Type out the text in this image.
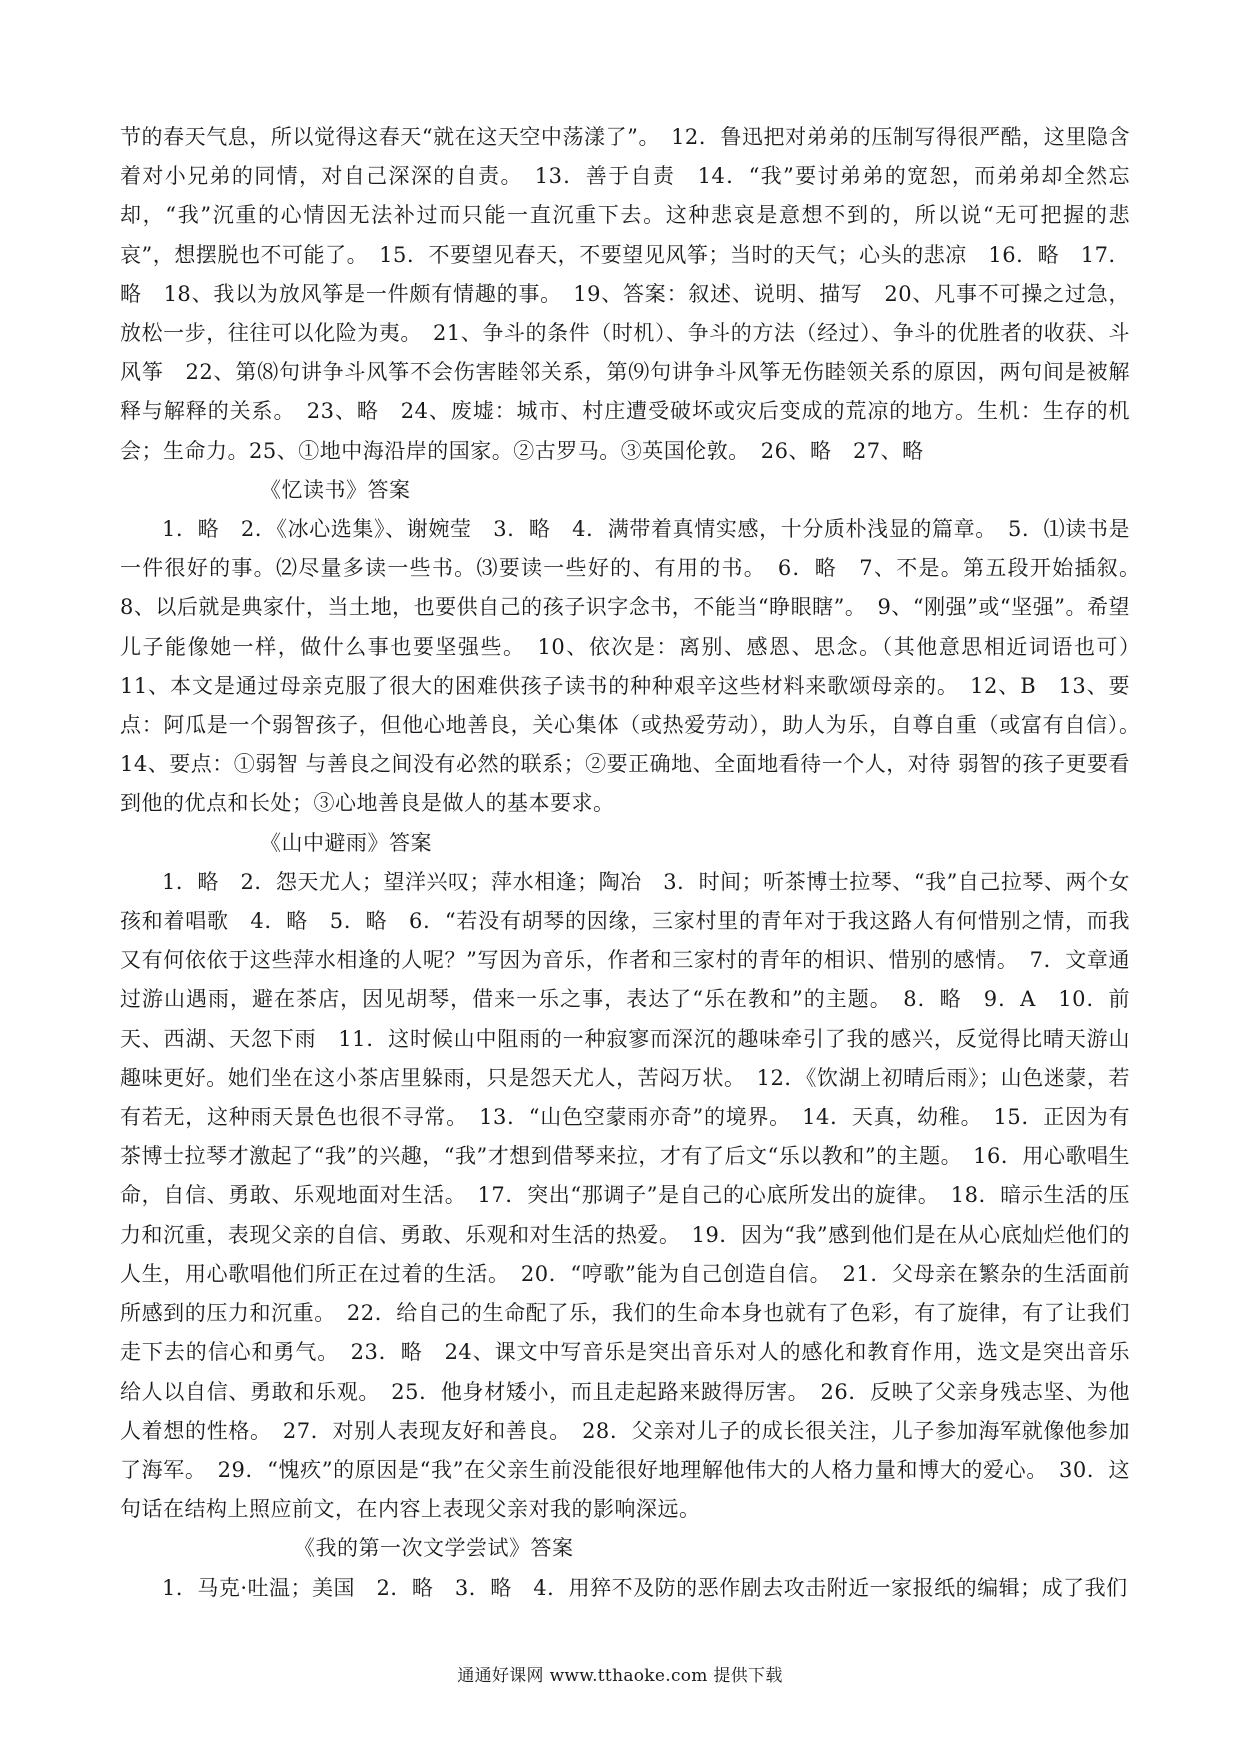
节的春天气息，所以觉得这春天“就在这天空中荡漾了”。　12．鲁迅把对弟弟的压制写得很严酷，这里隐含着对小兄弟的同情，对自己深深的自责。　13．善于自责　14．“我”要讨弟弟的宽恕，而弟弟却全然忘却，“我”沉重的心情因无法补过而只能一直沉重下去。这种悲哀是意想不到的，所以说“无可把握的悲哀”，想摆脱也不可能了。　15．不要望见春天，不要望见风筝；当时的天气；心头的悲凉　16．略　17．略　18、我以为放风筝是一件颇有情趣的事。　19、答案：叙述、说明、描写　20、凡事不可操之过急，放松一步，往往可以化险为夷。　21、争斗的条件（时机）、争斗的方法（经过）、争斗的优胜者的收获、斗风筝　22、第⑻句讲争斗风筝不会伤害睦邻关系，第⑼句讲争斗风筝无伤睦领关系的原因，两句间是被解释与解释的关系。　23、略　24、废墟：城市、村庄遭受破坏或灾后变成的荒凉的地方。生机：生存的机会；生命力。25、①地中海沿岸的国家。②古罗马。③英国伦敦。　26、略　27、略

《忆读书》答案

1．略　2．《冰心选集》、谢婉莹　3．略　4．满带着真情实感，十分质朴浅显的篇章。　5．⑴读书是一件很好的事。⑵尽量多读一些书。⑶要读一些好的、有用的书。　6．略　7、不是。第五段开始插叙。　8、以后就是典家什，当土地，也要供自己的孩子识字念书，不能当“睁眼瞎”。　9、“刚强”或“坚强”。希望儿子能像她一样，做什么事也要坚强些。　10、依次是：离别、感恩、思念。（其他意思相近词语也可）　11、本文是通过母亲克服了很大的困难供孩子读书的种种艰辛这些材料来歌颂母亲的。　12、B　13、要点：阿瓜是一个弱智孩子，但他心地善良，关心集体（或热爱劳动），助人为乐，自尊自重（或富有自信）。　14、要点：①弱智 与善良之间没有必然的联系；②要正确地、全面地看待一个人，对待 弱智的孩子更要看到他的优点和长处；③心地善良是做人的基本要求。

《山中避雨》答案

1．略　2．怨天尤人；望洋兴叹；萍水相逢；陶冶　3．时间；听茶博士拉琴、“我”自己拉琴、两个女孩和着唱歌　4．略　5．略　6．“若没有胡琴的因缘，三家村里的青年对于我这路人有何惜别之情，而我又有何依依于这些萍水相逢的人呢？”写因为音乐，作者和三家村的青年的相识、惜别的感情。　7．文章通过游山遇雨，避在茶店，因见胡琴，借来一乐之事，表达了“乐在教和”的主题。　8．略　9．A　10．前天、西湖、天忽下雨　11．这时候山中阻雨的一种寂寥而深沉的趣味牵引了我的感兴，反觉得比晴天游山趣味更好。她们坐在这小茶店里躲雨，只是怨天尤人，苦闷万状。　12．《饮湖上初晴后雨》；山色迷蒙，若有若无，这种雨天景色也很不寻常。　13．“山色空蒙雨亦奇”的境界。　14．天真，幼稚。　15．正因为有茶博士拉琴才激起了“我”的兴趣，“我”才想到借琴来拉，才有了后文“乐以教和”的主题。　16．用心歌唱生命，自信、勇敢、乐观地面对生活。　17．突出“那调子”是自己的心底所发出的旋律。　18．暗示生活的压力和沉重，表现父亲的自信、勇敢、乐观和对生活的热爱。　19．因为“我”感到他们是在从心底灿烂他们的人生，用心歌唱他们所正在过着的生活。　20．“哼歌”能为自己创造自信。　21．父母亲在繁杂的生活面前所感到的压力和沉重。　22．给自己的生命配了乐，我们的生命本身也就有了色彩，有了旋律，有了让我们走下去的信心和勇气。　23．略　24、课文中写音乐是突出音乐对人的感化和教育作用，选文是突出音乐给人以自信、勇敢和乐观。　25．他身材矮小，而且走起路来跛得厉害。　26．反映了父亲身残志坚、为他人着想的性格。　27．对别人表现友好和善良。　28．父亲对儿子的成长很关注，儿子参加海军就像他参加了海军。　29．“愧疚”的原因是“我”在父亲生前没能很好地理解他伟大的人格力量和博大的爱心。　30．这句话在结构上照应前文，在内容上表现父亲对我的影响深远。

《我的第一次文学尝试》答案

1．马克·吐温；美国　2．略　3．略　4．用猝不及防的恶作剧去攻击附近一家报纸的编辑；成了我们

通通好课网 www.tthaoke.com 提供下载
